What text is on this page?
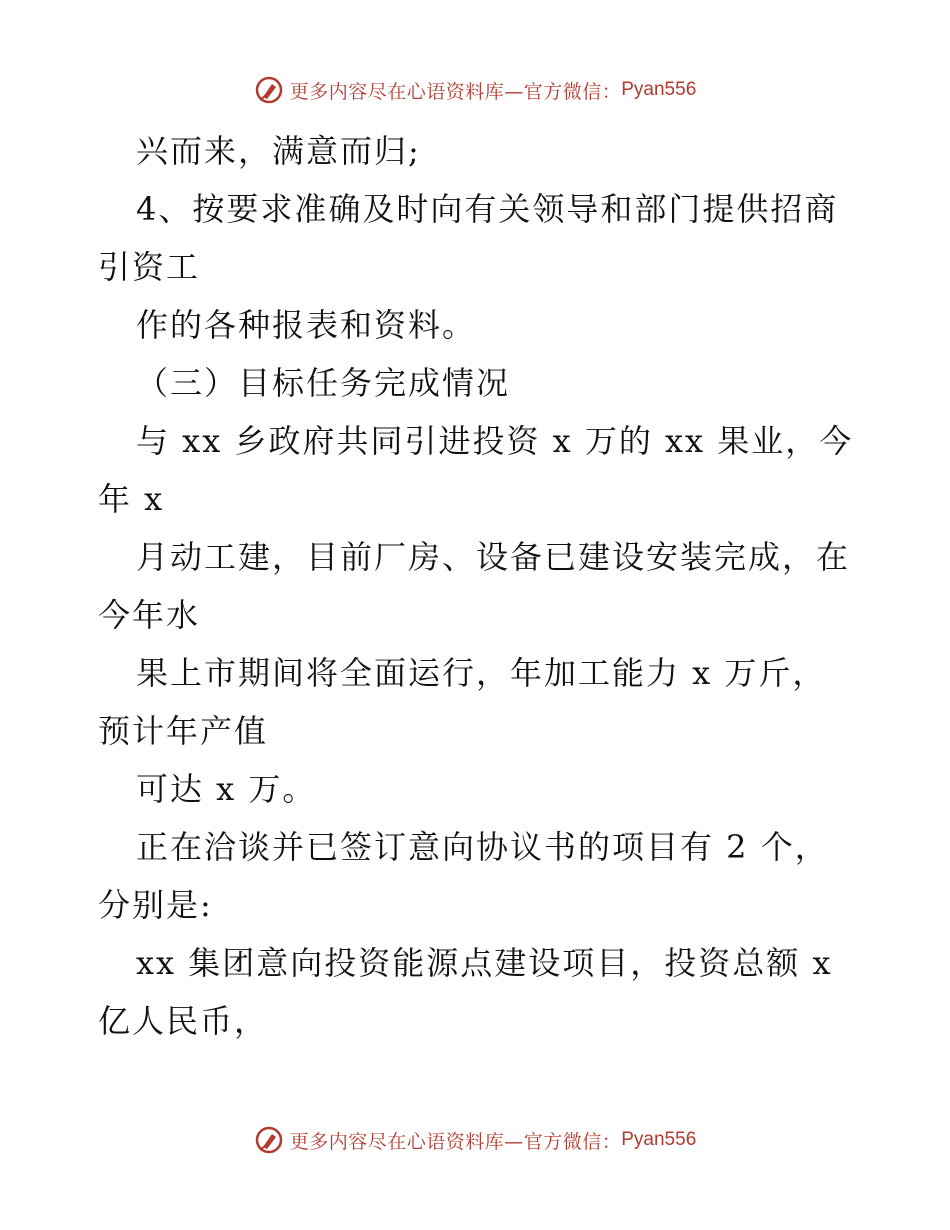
更多内容尽在心语资料库—官方微信： Pyan556
兴而来，满意而归;
4、按要求准确及时向有关领导和部门提供招商
引资工
作的各种报表和资料。
（三）目标任务完成情况
与 xx 乡政府共同引进投资 x 万的 xx 果业，今
年 x
月动工建，目前厂房、设备已建设安装完成，在
今年水
果上市期间将全面运行，年加工能力 x 万斤，
预计年产值
可达 x 万。
正在洽谈并已签订意向协议书的项目有 2 个，
分别是:
xx 集团意向投资能源点建设项目，投资总额 x
亿人民币，
更多内容尽在心语资料库—官方微信： Pyan556
